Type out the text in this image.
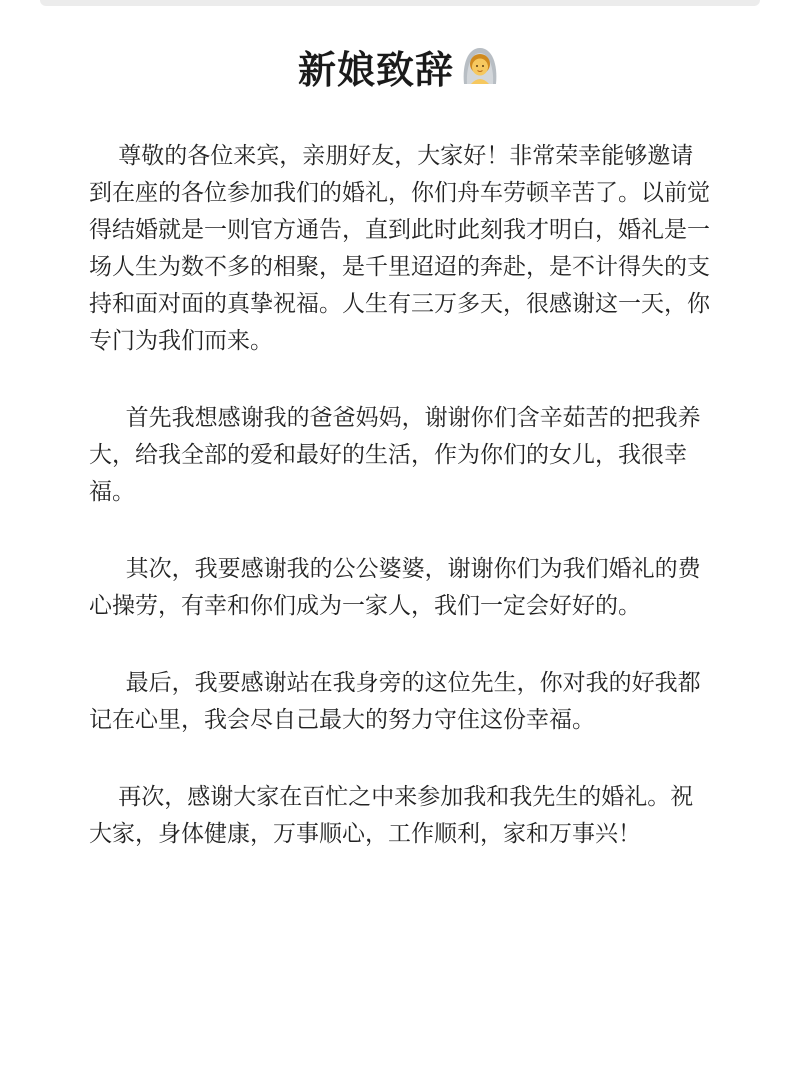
新娘致辞

尊敬的各位来宾，亲朋好友，大家好！非常荣幸能够邀请到在座的各位参加我们的婚礼，你们舟车劳顿辛苦了。以前觉得结婚就是一则官方通告，直到此时此刻我才明白，婚礼是一场人生为数不多的相聚，是千里迢迢的奔赴，是不计得失的支持和面对面的真挚祝福。人生有三万多天，很感谢这一天，你专门为我们而来。

首先我想感谢我的爸爸妈妈，谢谢你们含辛茹苦的把我养大，给我全部的爱和最好的生活，作为你们的女儿，我很幸福。

其次，我要感谢我的公公婆婆，谢谢你们为我们婚礼的费心操劳，有幸和你们成为一家人，我们一定会好好的。

最后，我要感谢站在我身旁的这位先生，你对我的好我都记在心里，我会尽自己最大的努力守住这份幸福。

再次，感谢大家在百忙之中来参加我和我先生的婚礼。祝大家，身体健康，万事顺心，工作顺利，家和万事兴！
